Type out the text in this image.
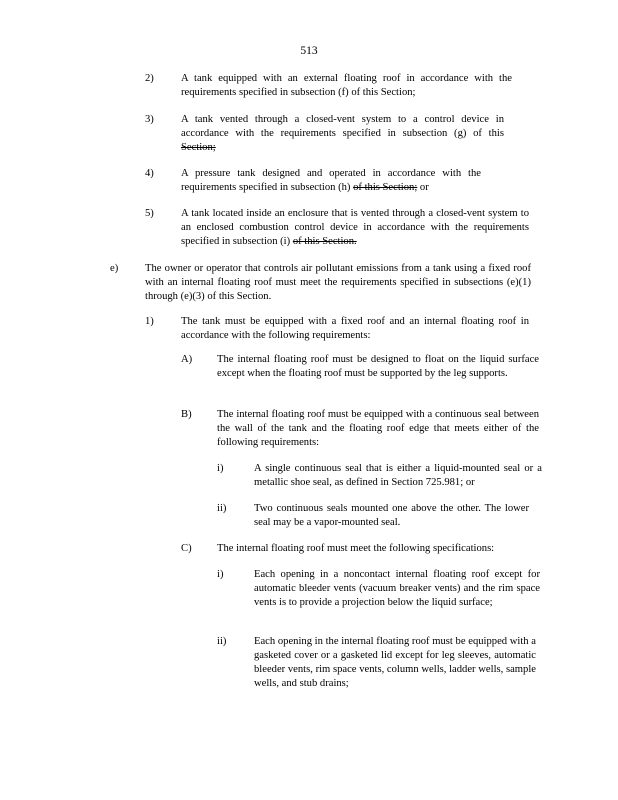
513
2)	A tank equipped with an external floating roof in accordance with the requirements specified in subsection (f) of this Section;
3)	A tank vented through a closed-vent system to a control device in accordance with the requirements specified in subsection (g) of this Section;
4)	A pressure tank designed and operated in accordance with the requirements specified in subsection (h) of this Section; or
5)	A tank located inside an enclosure that is vented through a closed-vent system to an enclosed combustion control device in accordance with the requirements specified in subsection (i) of this Section.
e)	The owner or operator that controls air pollutant emissions from a tank using a fixed roof with an internal floating roof must meet the requirements specified in subsections (e)(1) through (e)(3) of this Section.
1)	The tank must be equipped with a fixed roof and an internal floating roof in accordance with the following requirements:
A) The internal floating roof must be designed to float on the liquid surface except when the floating roof must be supported by the leg supports.
B) The internal floating roof must be equipped with a continuous seal between the wall of the tank and the floating roof edge that meets either of the following requirements:
i)	A single continuous seal that is either a liquid-mounted seal or a metallic shoe seal, as defined in Section 725.981; or
ii)	Two continuous seals mounted one above the other. The lower seal may be a vapor-mounted seal.
C) The internal floating roof must meet the following specifications:
i)	Each opening in a noncontact internal floating roof except for automatic bleeder vents (vacuum breaker vents) and the rim space vents is to provide a projection below the liquid surface;
ii)	Each opening in the internal floating roof must be equipped with a gasketed cover or a gasketed lid except for leg sleeves, automatic bleeder vents, rim space vents, column wells, ladder wells, sample wells, and stub drains;
